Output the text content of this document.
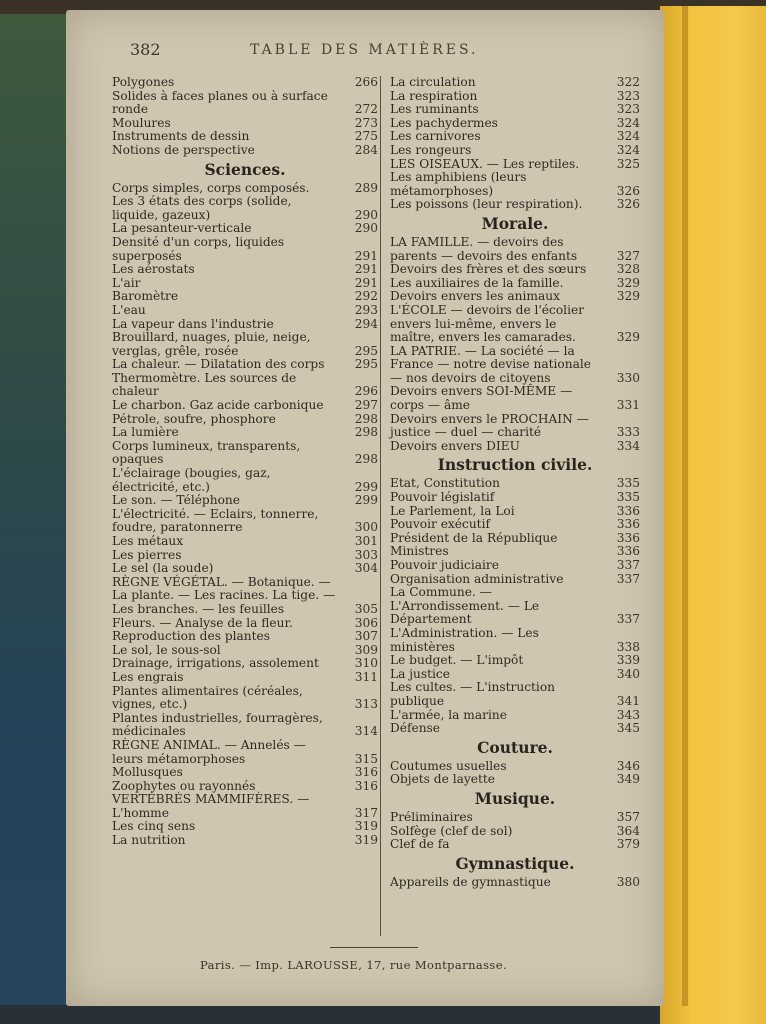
382	TABLE DES MATIÈRES.
Polygones	266
Solides à faces planes ou à surface ronde	272
Moulures	273
Instruments de dessin	275
Notions de perspective	284
Sciences.
Corps simples, corps composés.	289
Les 3 états des corps (solide, liquide, gazeux)	290
La pesanteur-verticale	290
Densité d'un corps, liquides superposés	291
Les aérostats	291
L'air	291
Baromètre	292
L'eau	293
La vapeur dans l'industrie	294
Brouillard, nuages, pluie, neige, verglas, grêle, rosée	295
La chaleur. — Dilatation des corps	295
Thermomètre. Les sources de chaleur	296
Le charbon. Gaz acide carbonique	297
Pétrole, soufre, phosphore	298
La lumière	298
Corps lumineux, transparents, opaques	298
L'éclairage (bougies, gaz, électricité, etc.)	299
Le son. — Téléphone	299
L'électricité. — Eclairs, tonnerre, foudre, paratonnerre	300
Les métaux	301
Les pierres	303
Le sel (la soude)	304
RÈGNE VÉGÉTAL. — Botanique. — La plante. — Les racines. La tige. — Les branches. — les feuilles	305
Fleurs. — Analyse de la fleur.	306
Reproduction des plantes	307
Le sol, le sous-sol	309
Drainage, irrigations, assolement	310
Les engrais	311
Plantes alimentaires (céréales, vignes, etc.)	313
Plantes industrielles, fourragères, médicinales	314
RÈGNE ANIMAL. — Annelés — leurs métamorphoses	315
Mollusques	316
Zoophytes ou rayonnés	316
VERTÉBRÉS MAMMIFÈRES. — L'homme	317
Les cinq sens	319
La nutrition	319
La circulation	322
La respiration	323
Les ruminants	323
Les pachydermes	324
Les carnivores	324
Les rongeurs	324
LES OISEAUX. — Les reptiles.	325
Les amphibiens (leurs métamorphoses)	326
Les poissons (leur respiration).	326
Morale.
LA FAMILLE. — devoirs des parents — devoirs des enfants	327
Devoirs des frères et des sœurs	328
Les auxiliaires de la famille.	329
Devoirs envers les animaux	329
L'ÉCOLE — devoirs de l'écolier envers lui-même, envers le maître, envers les camarades.	329
LA PATRIE. — La société — la France — notre devise nationale — nos devoirs de citoyens	330
Devoirs envers SOI-MÊME — corps — âme	331
Devoirs envers le PROCHAIN — justice — duel — charité	333
Devoirs envers DIEU	334
Instruction civile.
Etat, Constitution	335
Pouvoir législatif	335
Le Parlement, la Loi	336
Pouvoir exécutif	336
Président de la République	336
Ministres	336
Pouvoir judiciaire	337
Organisation administrative	337
La Commune. — L'Arrondissement. — Le Département	337
L'Administration. — Les ministères	338
Le budget. — L'impôt	339
La justice	340
Les cultes. — L'instruction publique	341
L'armée, la marine	343
Défense	345
Couture.
Coutumes usuelles	346
Objets de layette	349
Musique.
Préliminaires	357
Solfège (clef de sol)	364
Clef de fa	379
Gymnastique.
Appareils de gymnastique	380
Paris. — Imp. LAROUSSE, 17, rue Montparnasse.
